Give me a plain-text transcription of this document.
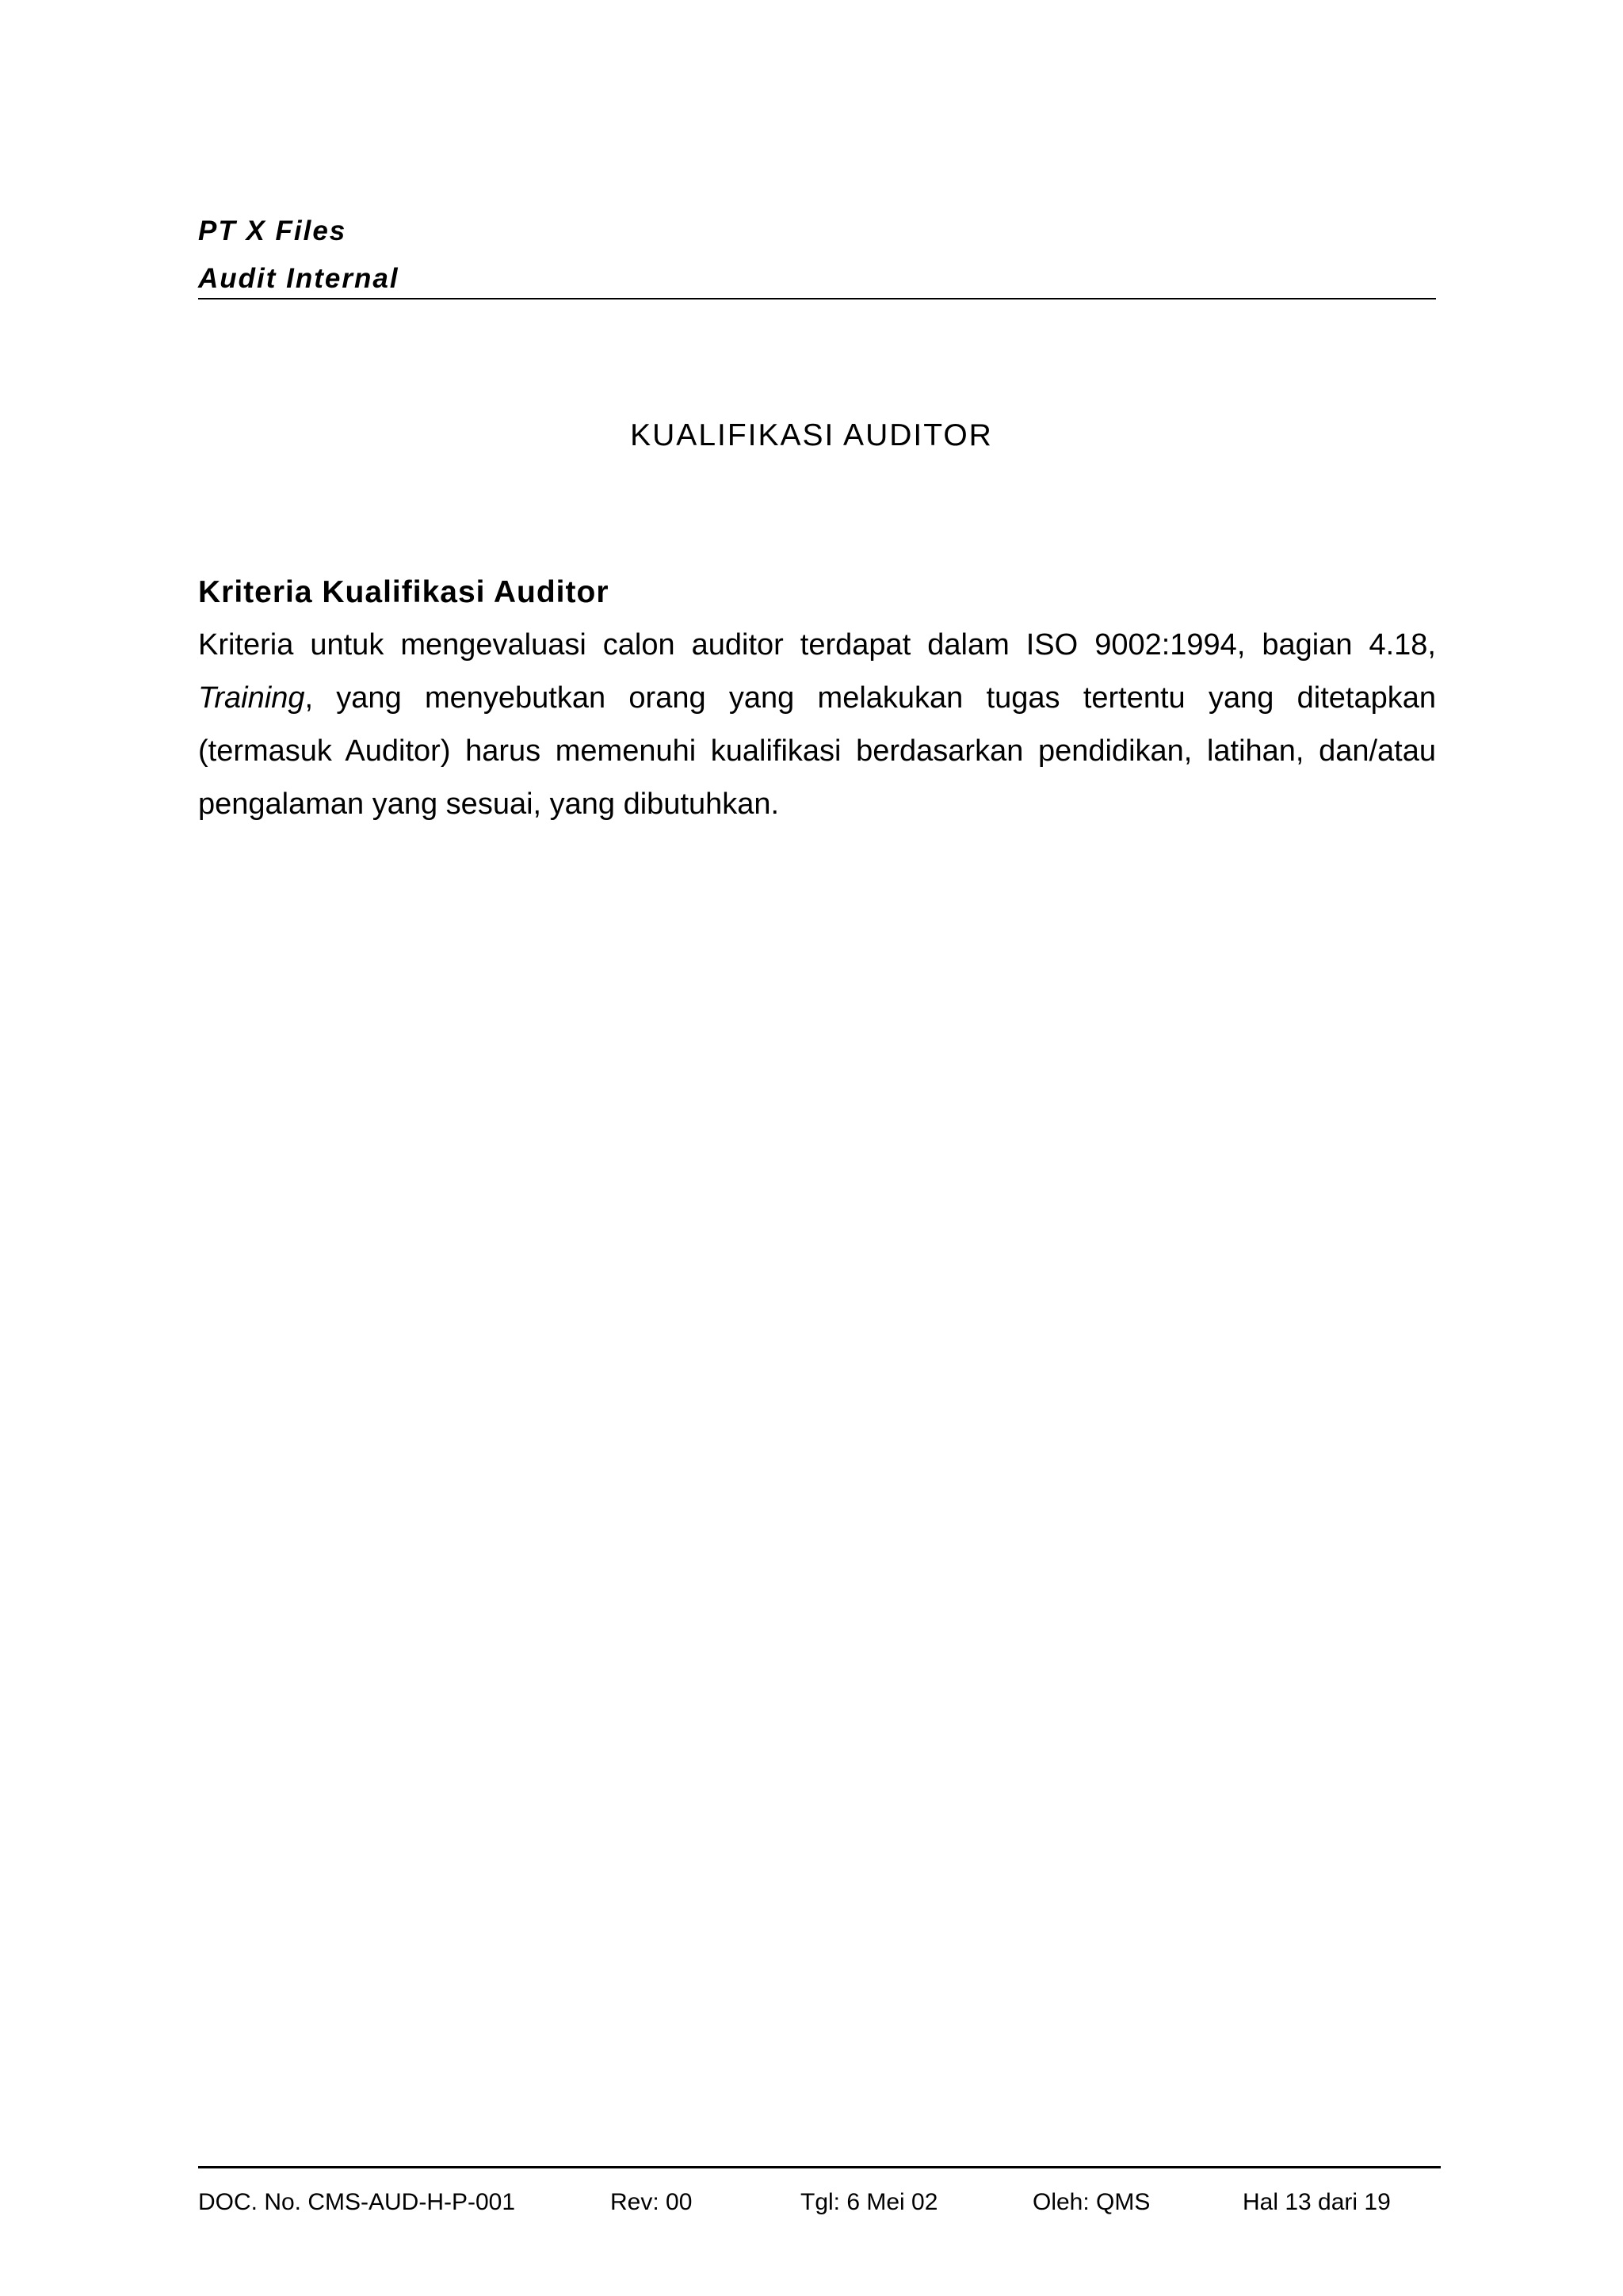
PT X Files
Audit Internal
KUALIFIKASI AUDITOR
Kriteria Kualifikasi Auditor

Kriteria untuk mengevaluasi calon auditor terdapat dalam ISO 9002:1994, bagian 4.18, Training, yang menyebutkan orang yang melakukan tugas tertentu yang ditetapkan (termasuk Auditor) harus memenuhi kualifikasi berdasarkan pendidikan, latihan, dan/atau pengalaman yang sesuai, yang dibutuhkan.

DOC. No. CMS-AUD-H-P-001	Rev: 00	Tgl: 6 Mei 02	Oleh: QMS	Hal 13 dari 19
